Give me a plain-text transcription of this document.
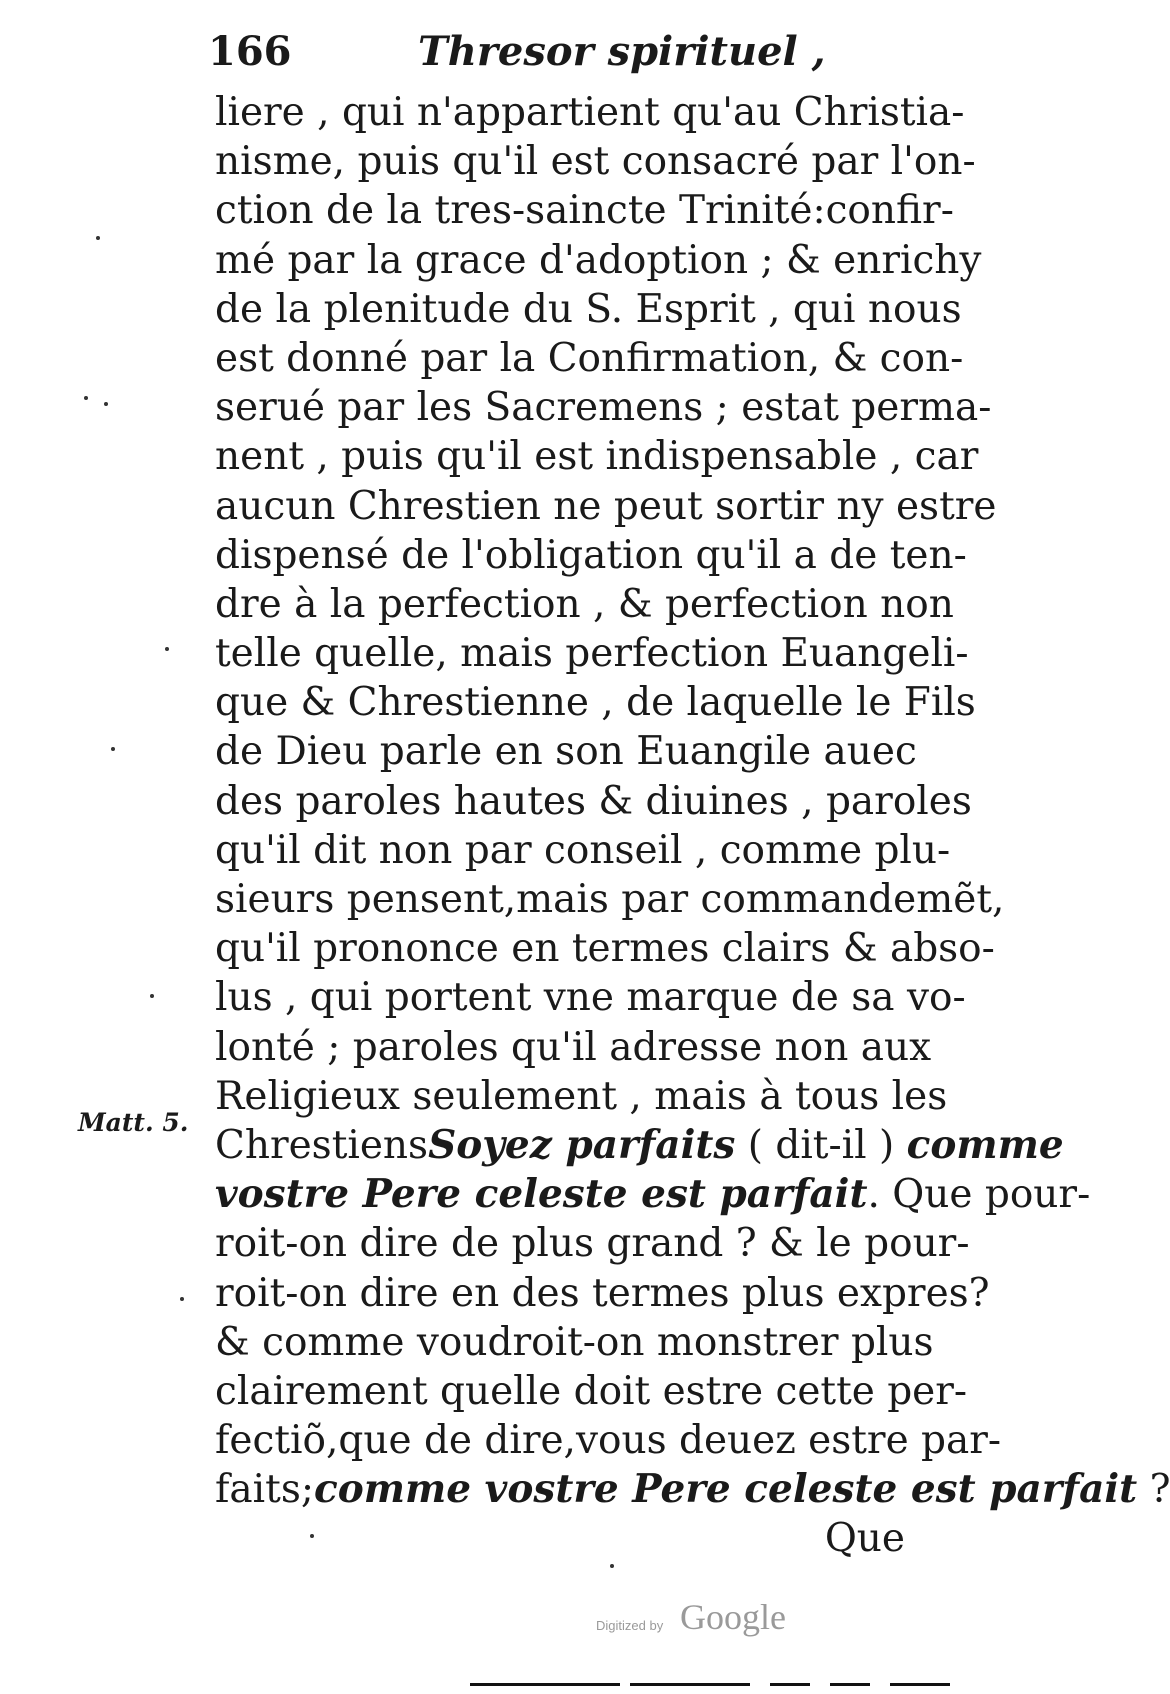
166	Thresor spirituel ,
Matt. 5.
liere , qui n'appartient qu'au Christia-
nisme, puis qu'il est consacré par l'on-
ction de la tres-saincte Trinité:confir-
mé par la grace d'adoption ; & enrichy
de la plenitude du S. Esprit , qui nous
est donné par la Confirmation, & con-
serué par les Sacremens ; estat perma-
nent , puis qu'il est indispensable , car
aucun Chrestien ne peut sortir ny estre
dispensé de l'obligation qu'il a de ten-
dre à la perfection , & perfection non
telle quelle, mais perfection Euangeli-
que & Chrestienne , de laquelle le Fils
de Dieu parle en son Euangile auec
des paroles hautes & diuines , paroles
qu'il dit non par conseil , comme plu-
sieurs pensent,mais par commandemẽt,
qu'il prononce en termes clairs & abso-
lus , qui portent vne marque de sa vo-
lonté ; paroles qu'il adresse non aux
Religieux seulement , mais à tous les
ChrestiensSoyez parfaits ( dit-il ) comme
vostre Pere celeste est parfait. Que pour-
roit-on dire de plus grand ? & le pour-
roit-on dire en des termes plus expres?
& comme voudroit-on monstrer plus
clairement quelle doit estre cette per-
fectiõ,que de dire,vous deuez estre par-
faits;comme vostre Pere celeste est parfait ?
Que
Digitized by Google
